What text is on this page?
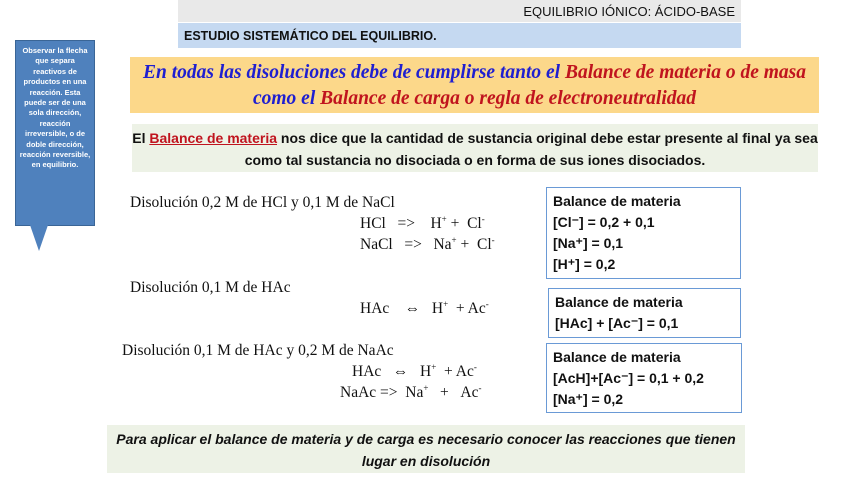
EQUILIBRIO IÓNICO: ÁCIDO-BASE
ESTUDIO SISTEMÁTICO DEL EQUILIBRIO.
Observar la flecha que separa reactivos de productos en una reacción. Esta puede ser de una sola dirección, reacción irreversible, o de doble dirección, reacción reversible, en equilibrio.
En todas las disoluciones debe de cumplirse tanto el Balance de materia o de masa como el Balance de carga o regla de electroneutralidad
El Balance de materia nos dice que la cantidad de sustancia original debe estar presente al final ya sea como tal sustancia no disociada o en forma de sus iones disociados.
Disolución 0,2 M de HCl y 0,1 M de NaCl
HCl   =>    H+ +  Cl-
NaCl   =>   Na+ +  Cl-
Balance de materia
[Cl⁻] = 0,2 + 0,1
[Na⁺] = 0,1
[H⁺] = 0,2
Disolución 0,1 M de HAc
HAc    ⇔   H+  + Ac-	Balance de materia
[HAc] + [Ac⁻] = 0,1
Disolución 0,1 M de HAc y 0,2 M de NaAc
HAc   ⇔   H+  + Ac-
NaAc =>  Na+   +   Ac-
Balance de materia
[AcH]+[Ac⁻] = 0,1 + 0,2
[Na⁺] = 0,2
Para aplicar el balance de materia y de carga es necesario conocer las reacciones que tienen lugar en disolución
